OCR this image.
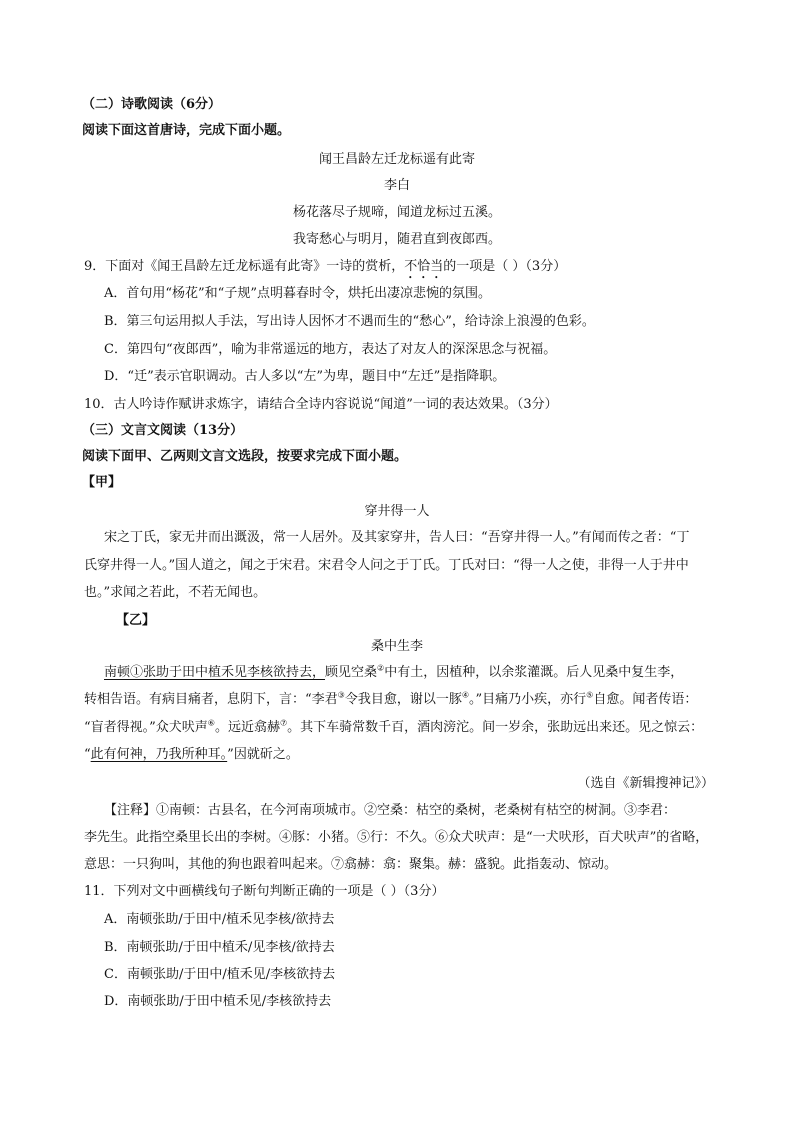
（二）诗歌阅读（6分）
阅读下面这首唐诗，完成下面小题。
闻王昌龄左迁龙标遥有此寄
李白
杨花落尽子规啼，闻道龙标过五溪。
我寄愁心与明月，随君直到夜郎西。
9．下面对《闻王昌龄左迁龙标遥有此寄》一诗的赏析，不恰当的一项是（ ）（3分）
A．首句用“杨花”和“子规”点明暮春时令，烘托出凄凉悲惋的氛围。
B．第三句运用拟人手法，写出诗人因怀才不遇而生的“愁心”，给诗涂上浪漫的色彩。
C．第四句“夜郎西”，喻为非常遥远的地方，表达了对友人的深深思念与祝福。
D．“迁”表示官职调动。古人多以“左”为卑，题目中“左迁”是指降职。
10．古人吟诗作赋讲求炼字，请结合全诗内容说说“闻道”一词的表达效果。（3分）
（三）文言文阅读（13分）
阅读下面甲、乙两则文言文选段，按要求完成下面小题。
【甲】
穿井得一人
宋之丁氏，家无井而出溉汲，常一人居外。及其家穿井，告人曰：“吾穿井得一人。”有闻而传之者：“丁
氏穿井得一人。”国人道之，闻之于宋君。宋君令人问之于丁氏。丁氏对曰：“得一人之使，非得一人于井中
也。”求闻之若此，不若无闻也。
【乙】
桑中生李
南顿①张助于田中植禾见李核欲持去，顾见空桑②中有土，因植种，以余浆灌溉。后人见桑中复生李，
转相告语。有病目痛者，息阴下，言：“李君③令我目愈，谢以一豚④。”目痛乃小疾，亦行⑤自愈。闻者传语：
“盲者得视。”众犬吠声⑥。远近翕赫⑦。其下车骑常数千百，酒肉滂沱。间一岁余，张助远出来还。见之惊云：
“此有何神，乃我所种耳。”因就斫之。
（选自《新辑搜神记》）
【注释】①南顿：古县名，在今河南项城市。②空桑：枯空的桑树，老桑树有枯空的树洞。③李君：
李先生。此指空桑里长出的李树。④豚：小猪。⑤行：不久。⑥众犬吠声：是“一犬吠形，百犬吠声”的省略，
意思：一只狗叫，其他的狗也跟着叫起来。⑦翕赫：翕：聚集。赫：盛貌。此指轰动、惊动。
11．下列对文中画横线句子断句判断正确的一项是（ ）（3分）
A．南顿张助/于田中/植禾见李核/欲持去
B．南顿张助/于田中植禾/见李核/欲持去
C．南顿张助/于田中/植禾见/李核欲持去
D．南顿张助/于田中植禾见/李核欲持去
